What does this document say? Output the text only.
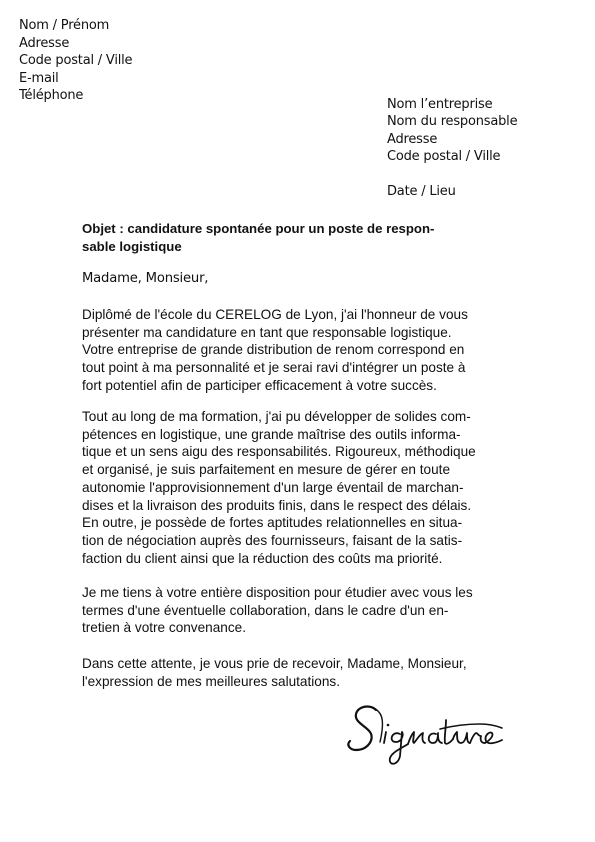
Nom / Prénom
Adresse
Code postal / Ville
E-mail
Téléphone
Nom l’entreprise
Nom du responsable
Adresse
Code postal / Ville
Date / Lieu
Objet : candidature spontanée pour un poste de respon-
sable logistique
Madame, Monsieur,
Diplômé de l'école du CERELOG de Lyon, j'ai l'honneur de vous
présenter ma candidature en tant que responsable logistique.
Votre entreprise de grande distribution de renom correspond en
tout point à ma personnalité et je serai ravi d'intégrer un poste à
fort potentiel afin de participer efficacement à votre succès.
Tout au long de ma formation, j'ai pu développer de solides com-
pétences en logistique, une grande maîtrise des outils informa-
tique et un sens aigu des responsabilités. Rigoureux, méthodique
et organisé, je suis parfaitement en mesure de gérer en toute
autonomie l'approvisionnement d'un large éventail de marchan-
dises et la livraison des produits finis, dans le respect des délais.
En outre, je possède de fortes aptitudes relationnelles en situa-
tion de négociation auprès des fournisseurs, faisant de la satis-
faction du client ainsi que la réduction des coûts ma priorité.
Je me tiens à votre entière disposition pour étudier avec vous les
termes d'une éventuelle collaboration, dans le cadre d'un en-
tretien à votre convenance.
Dans cette attente, je vous prie de recevoir, Madame, Monsieur,
l'expression de mes meilleures salutations.
